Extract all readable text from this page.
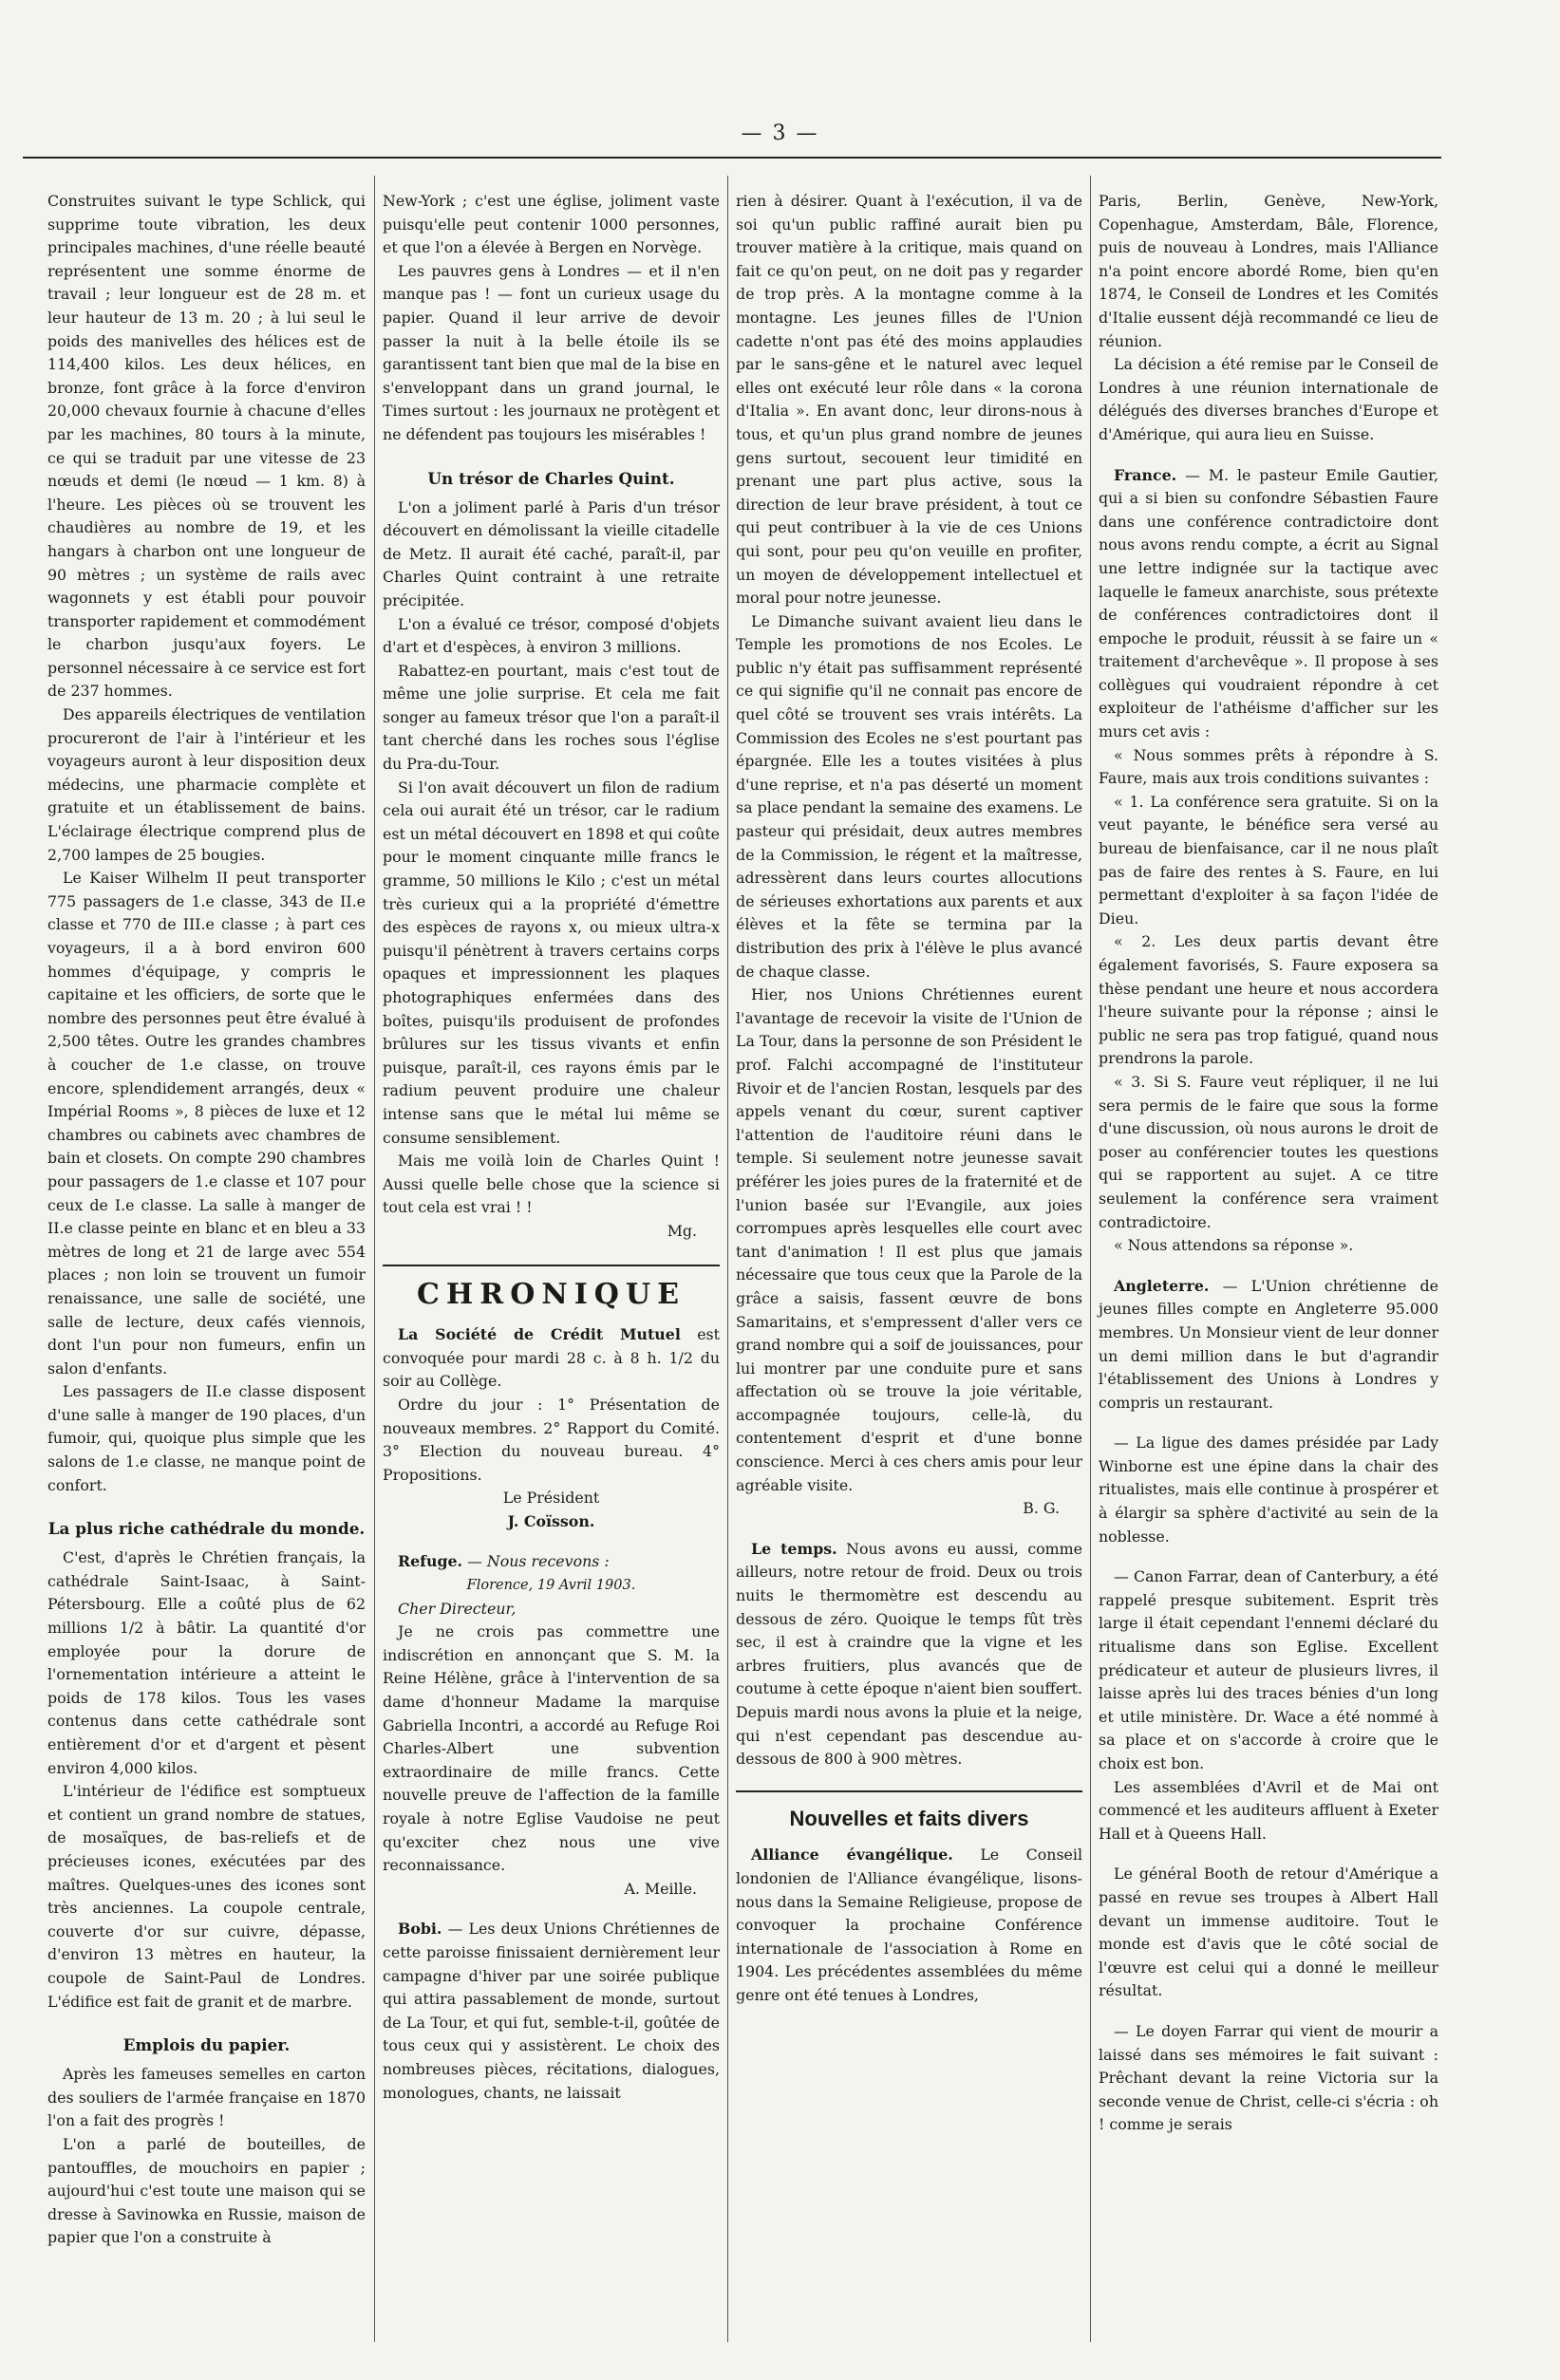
— 3 —

Construites suivant le type Schlick, qui supprime toute vibration, les deux principales machines, d'une réelle beauté représentent une somme énorme de travail ; leur longueur est de 28 m. et leur hauteur de 13 m. 20 ; à lui seul le poids des manivelles des hélices est de 114,400 kilos. Les deux hélices, en bronze, font grâce à la force d'environ 20,000 chevaux fournie à chacune d'elles par les machines, 80 tours à la minute, ce qui se traduit par une vitesse de 23 nœuds et demi (le nœud — 1 km. 8) à l'heure. Les pièces où se trouvent les chaudières au nombre de 19, et les hangars à charbon ont une longueur de 90 mètres ; un système de rails avec wagonnets y est établi pour pouvoir transporter rapidement et commodément le charbon jusqu'aux foyers. Le personnel nécessaire à ce service est fort de 237 hommes.

Des appareils électriques de ventilation procureront de l'air à l'intérieur et les voyageurs auront à leur disposition deux médecins, une pharmacie complète et gratuite et un établissement de bains. L'éclairage électrique comprend plus de 2,700 lampes de 25 bougies.

Le Kaiser Wilhelm II peut transporter 775 passagers de 1.e classe, 343 de II.e classe et 770 de III.e classe ; à part ces voyageurs, il a à bord environ 600 hommes d'équipage, y compris le capitaine et les officiers, de sorte que le nombre des personnes peut être évalué à 2,500 têtes. Outre les grandes chambres à coucher de 1.e classe, on trouve encore, splendidement arrangés, deux « Impérial Rooms », 8 pièces de luxe et 12 chambres ou cabinets avec chambres de bain et closets. On compte 290 chambres pour passagers de 1.e classe et 107 pour ceux de I.e classe. La salle à manger de II.e classe peinte en blanc et en bleu a 33 mètres de long et 21 de large avec 554 places ; non loin se trouvent un fumoir renaissance, une salle de société, une salle de lecture, deux cafés viennois, dont l'un pour non fumeurs, enfin un salon d'enfants.

Les passagers de II.e classe disposent d'une salle à manger de 190 places, d'un fumoir, qui, quoique plus simple que les salons de 1.e classe, ne manque point de confort.

La plus riche cathédrale du monde.

C'est, d'après le Chrétien français, la cathédrale Saint-Isaac, à Saint-Pétersbourg. Elle a coûté plus de 62 millions 1/2 à bâtir. La quantité d'or employée pour la dorure de l'ornementation intérieure a atteint le poids de 178 kilos. Tous les vases contenus dans cette cathédrale sont entièrement d'or et d'argent et pèsent environ 4,000 kilos.

L'intérieur de l'édifice est somptueux et contient un grand nombre de statues, de mosaïques, de bas-reliefs et de précieuses icones, exécutées par des maîtres. Quelques-unes des icones sont très anciennes. La coupole centrale, couverte d'or sur cuivre, dépasse, d'environ 13 mètres en hauteur, la coupole de Saint-Paul de Londres. L'édifice est fait de granit et de marbre.

Emplois du papier.

Après les fameuses semelles en carton des souliers de l'armée française en 1870 l'on a fait des progrès !

L'on a parlé de bouteilles, de pantouffles, de mouchoirs en papier ; aujourd'hui c'est toute une maison qui se dresse à Savinowka en Russie, maison de papier que l'on a construite à

New-York ; c'est une église, joliment vaste puisqu'elle peut contenir 1000 personnes, et que l'on a élevée à Bergen en Norvège.

Les pauvres gens à Londres — et il n'en manque pas ! — font un curieux usage du papier. Quand il leur arrive de devoir passer la nuit à la belle étoile ils se garantissent tant bien que mal de la bise en s'enveloppant dans un grand journal, le Times surtout : les journaux ne protègent et ne défendent pas toujours les misérables !

Un trésor de Charles Quint.

L'on a joliment parlé à Paris d'un trésor découvert en démolissant la vieille citadelle de Metz. Il aurait été caché, paraît-il, par Charles Quint contraint à une retraite précipitée.

L'on a évalué ce trésor, composé d'objets d'art et d'espèces, à environ 3 millions.

Rabattez-en pourtant, mais c'est tout de même une jolie surprise. Et cela me fait songer au fameux trésor que l'on a paraît-il tant cherché dans les roches sous l'église du Pra-du-Tour.

Si l'on avait découvert un filon de radium cela oui aurait été un trésor, car le radium est un métal découvert en 1898 et qui coûte pour le moment cinquante mille francs le gramme, 50 millions le Kilo ; c'est un métal très curieux qui a la propriété d'émettre des espèces de rayons x, ou mieux ultra-x puisqu'il pénètrent à travers certains corps opaques et impressionnent les plaques photographiques enfermées dans des boîtes, puisqu'ils produisent de profondes brûlures sur les tissus vivants et enfin puisque, paraît-il, ces rayons émis par le radium peuvent produire une chaleur intense sans que le métal lui même se consume sensiblement.

Mais me voilà loin de Charles Quint ! Aussi quelle belle chose que la science si tout cela est vrai ! !

Mg.

CHRONIQUE

La Société de Crédit Mutuel est convoquée pour mardi 28 c. à 8 h. 1/2 du soir au Collège.

Ordre du jour : 1° Présentation de nouveaux membres. 2° Rapport du Comité. 3° Election du nouveau bureau. 4° Propositions.

Le Président

J. Coïsson.

Refuge. — Nous recevons :

Florence, 19 Avril 1903.

Cher Directeur,

Je ne crois pas commettre une indiscrétion en annonçant que S. M. la Reine Hélène, grâce à l'intervention de sa dame d'honneur Madame la marquise Gabriella Incontri, a accordé au Refuge Roi Charles-Albert une subvention extraordinaire de mille francs. Cette nouvelle preuve de l'affection de la famille royale à notre Eglise Vaudoise ne peut qu'exciter chez nous une vive reconnaissance.

A. Meille.

Bobi. — Les deux Unions Chrétiennes de cette paroisse finissaient dernièrement leur campagne d'hiver par une soirée publique qui attira passablement de monde, surtout de La Tour, et qui fut, semble-t-il, goûtée de tous ceux qui y assistèrent. Le choix des nombreuses pièces, récitations, dialogues, monologues, chants, ne laissait

rien à désirer. Quant à l'exécution, il va de soi qu'un public raffiné aurait bien pu trouver matière à la critique, mais quand on fait ce qu'on peut, on ne doit pas y regarder de trop près. A la montagne comme à la montagne. Les jeunes filles de l'Union cadette n'ont pas été des moins applaudies par le sans-gêne et le naturel avec lequel elles ont exécuté leur rôle dans « la corona d'Italia ». En avant donc, leur dirons-nous à tous, et qu'un plus grand nombre de jeunes gens surtout, secouent leur timidité en prenant une part plus active, sous la direction de leur brave président, à tout ce qui peut contribuer à la vie de ces Unions qui sont, pour peu qu'on veuille en profiter, un moyen de développement intellectuel et moral pour notre jeunesse.

Le Dimanche suivant avaient lieu dans le Temple les promotions de nos Ecoles. Le public n'y était pas suffisamment représenté ce qui signifie qu'il ne connait pas encore de quel côté se trouvent ses vrais intérêts. La Commission des Ecoles ne s'est pourtant pas épargnée. Elle les a toutes visitées à plus d'une reprise, et n'a pas déserté un moment sa place pendant la semaine des examens. Le pasteur qui présidait, deux autres membres de la Commission, le régent et la maîtresse, adressèrent dans leurs courtes allocutions de sérieuses exhortations aux parents et aux élèves et la fête se termina par la distribution des prix à l'élève le plus avancé de chaque classe.

Hier, nos Unions Chrétiennes eurent l'avantage de recevoir la visite de l'Union de La Tour, dans la personne de son Président le prof. Falchi accompagné de l'instituteur Rivoir et de l'ancien Rostan, lesquels par des appels venant du cœur, surent captiver l'attention de l'auditoire réuni dans le temple. Si seulement notre jeunesse savait préférer les joies pures de la fraternité et de l'union basée sur l'Evangile, aux joies corrompues après lesquelles elle court avec tant d'animation ! Il est plus que jamais nécessaire que tous ceux que la Parole de la grâce a saisis, fassent œuvre de bons Samaritains, et s'empressent d'aller vers ce grand nombre qui a soif de jouissances, pour lui montrer par une conduite pure et sans affectation où se trouve la joie véritable, accompagnée toujours, celle-là, du contentement d'esprit et d'une bonne conscience. Merci à ces chers amis pour leur agréable visite.

B. G.

Le temps. Nous avons eu aussi, comme ailleurs, notre retour de froid. Deux ou trois nuits le thermomètre est descendu au dessous de zéro. Quoique le temps fût très sec, il est à craindre que la vigne et les arbres fruitiers, plus avancés que de coutume à cette époque n'aient bien souffert. Depuis mardi nous avons la pluie et la neige, qui n'est cependant pas descendue au-dessous de 800 à 900 mètres.

Nouvelles et faits divers

Alliance évangélique. Le Conseil londonien de l'Alliance évangélique, lisons-nous dans la Semaine Religieuse, propose de convoquer la prochaine Conférence internationale de l'association à Rome en 1904. Les précédentes assemblées du même genre ont été tenues à Londres,

Paris, Berlin, Genève, New-York, Copenhague, Amsterdam, Bâle, Florence, puis de nouveau à Londres, mais l'Alliance n'a point encore abordé Rome, bien qu'en 1874, le Conseil de Londres et les Comités d'Italie eussent déjà recommandé ce lieu de réunion.

La décision a été remise par le Conseil de Londres à une réunion internationale de délégués des diverses branches d'Europe et d'Amérique, qui aura lieu en Suisse.

France. — M. le pasteur Emile Gautier, qui a si bien su confondre Sébastien Faure dans une conférence contradictoire dont nous avons rendu compte, a écrit au Signal une lettre indignée sur la tactique avec laquelle le fameux anarchiste, sous prétexte de conférences contradictoires dont il empoche le produit, réussit à se faire un « traitement d'archevêque ». Il propose à ses collègues qui voudraient répondre à cet exploiteur de l'athéisme d'afficher sur les murs cet avis :

« Nous sommes prêts à répondre à S. Faure, mais aux trois conditions suivantes :

« 1. La conférence sera gratuite. Si on la veut payante, le bénéfice sera versé au bureau de bienfaisance, car il ne nous plaît pas de faire des rentes à S. Faure, en lui permettant d'exploiter à sa façon l'idée de Dieu.

« 2. Les deux partis devant être également favorisés, S. Faure exposera sa thèse pendant une heure et nous accorderа l'heure suivante pour la réponse ; ainsi le public ne sera pas trop fatigué, quand nous prendrons la parole.

« 3. Si S. Faure veut répliquer, il ne lui sera permis de le faire que sous la forme d'une discussion, où nous aurons le droit de poser au conférencier toutes les questions qui se rapportent au sujet. A ce titre seulement la conférence sera vraiment contradictoire.

« Nous attendons sa réponse ».

Angleterre. — L'Union chrétienne de jeunes filles compte en Angleterre 95.000 membres. Un Monsieur vient de leur donner un demi million dans le but d'agrandir l'établissement des Unions à Londres y compris un restaurant.

— La ligue des dames présidée par Lady Winborne est une épine dans la chair des ritualistes, mais elle continue à prospérer et à élargir sa sphère d'activité au sein de la noblesse.

— Canon Farrar, dean of Canterbury, a été rappelé presque subitement. Esprit très large il était cependant l'ennemi déclaré du ritualisme dans son Eglise. Excellent prédicateur et auteur de plusieurs livres, il laisse après lui des traces bénies d'un long et utile ministère. Dr. Wace a été nommé à sa place et on s'accorde à croire que le choix est bon.

Les assemblées d'Avril et de Mai ont commencé et les auditeurs affluent à Exeter Hall et à Queens Hall.

Le général Booth de retour d'Amérique a passé en revue ses troupes à Albert Hall devant un immense auditoire. Tout le monde est d'avis que le côté social de l'œuvre est celui qui a donné le meilleur résultat.

— Le doyen Farrar qui vient de mourir a laissé dans ses mémoires le fait suivant : Prêchant devant la reine Victoria sur la seconde venue de Christ, celle-ci s'écria : oh ! comme je serais
